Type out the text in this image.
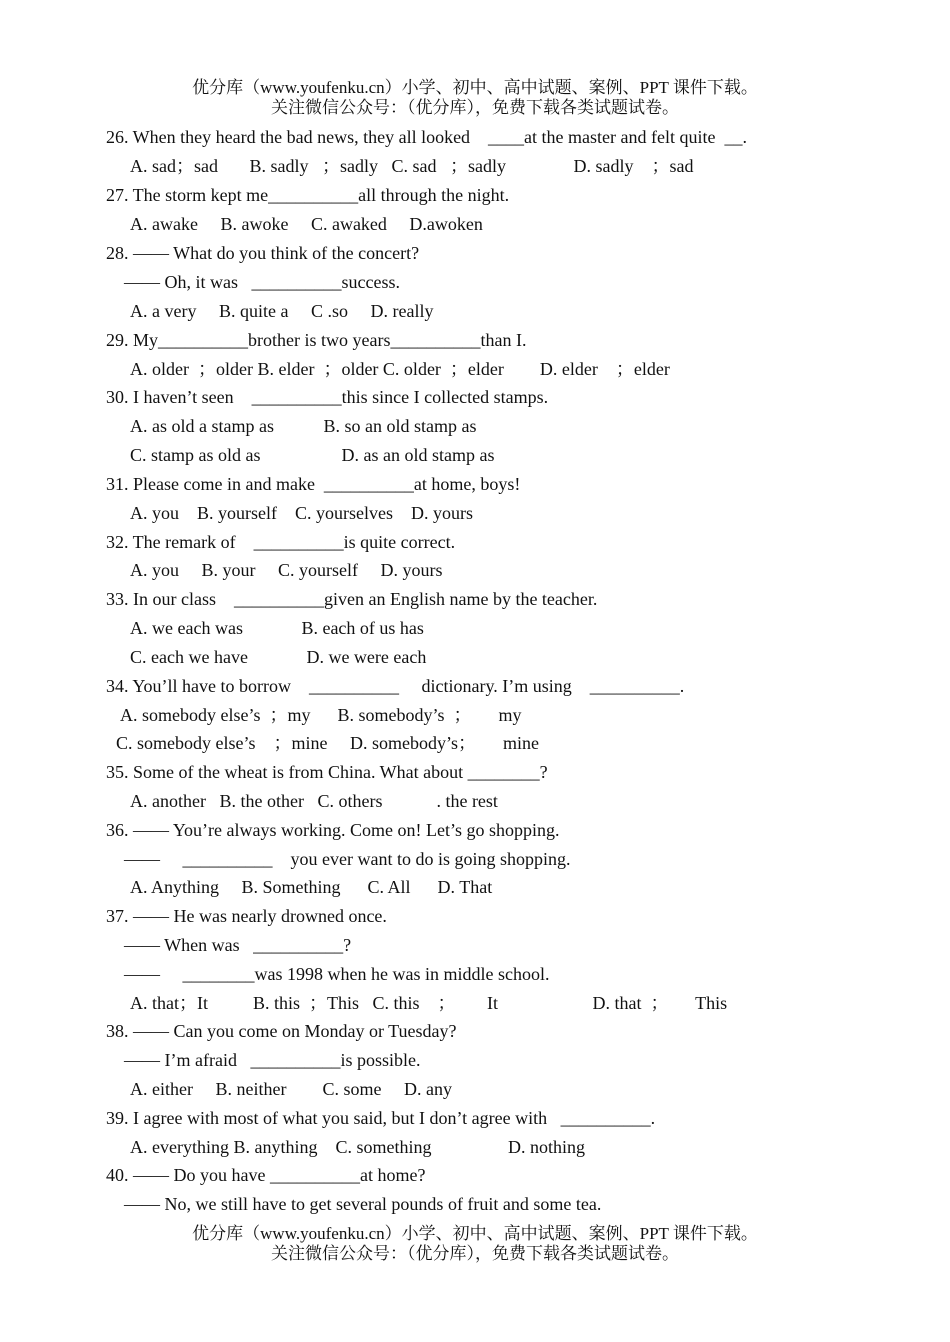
优分库（www.youfenku.cn）小学、初中、高中试题、案例、PPT 课件下载。
关注微信公众号：（优分库），免费下载各类试题试卷。
26. When they heard the bad news, they all looked    ____at the master and felt quite  __.
A. sad；sad       B. sadly   ；sadly   C. sad   ；sadly               D. sadly    ；sad
27. The storm kept me__________all through the night.
A. awake     B. awoke     C. awaked     D.awoken
28. —— What do you think of the concert?
—— Oh, it was   __________success.
A. a very     B. quite a     C .so     D. really
29. My__________brother is two years__________than I.
A. older  ；older B. elder  ；older C. older  ；elder        D. elder    ；elder
30. I haven’t seen    __________this since I collected stamps.
A. as old a stamp as           B. so an old stamp as
C. stamp as old as                  D. as an old stamp as
31. Please come in and make  __________at home, boys!
A. you    B. yourself    C. yourselves    D. yours
32. The remark of    __________is quite correct.
A. you     B. your     C. yourself     D. yours
33. In our class    __________given an English name by the teacher.
A. we each was             B. each of us has
C. each we have             D. we were each
34. You’ll have to borrow    __________     dictionary. I’m using    __________.
A. somebody else’s  ；my      B. somebody’s  ；      my
C. somebody else’s    ；mine     D. somebody’s；      mine
35. Some of the wheat is from China. What about ________?
A. another   B. the other   C. others            . the rest
36. —— You’re always working. Come on! Let’s go shopping.
——     __________    you ever want to do is going shopping.
A. Anything     B. Something      C. All      D. That
37. —— He was nearly drowned once.
—— When was   __________?
——     ________was 1998 when he was in middle school.
A. that；It          B. this  ；This   C. this    ；       It                     D. that  ；      This
38. —— Can you come on Monday or Tuesday?
—— I’m afraid   __________is possible.
A. either     B. neither        C. some     D. any
39. I agree with most of what you said, but I don’t agree with   __________.
A. everything B. anything    C. something                 D. nothing
40. —— Do you have __________at home?
—— No, we still have to get several pounds of fruit and some tea.
优分库（www.youfenku.cn）小学、初中、高中试题、案例、PPT 课件下载。
关注微信公众号：（优分库），免费下载各类试题试卷。
